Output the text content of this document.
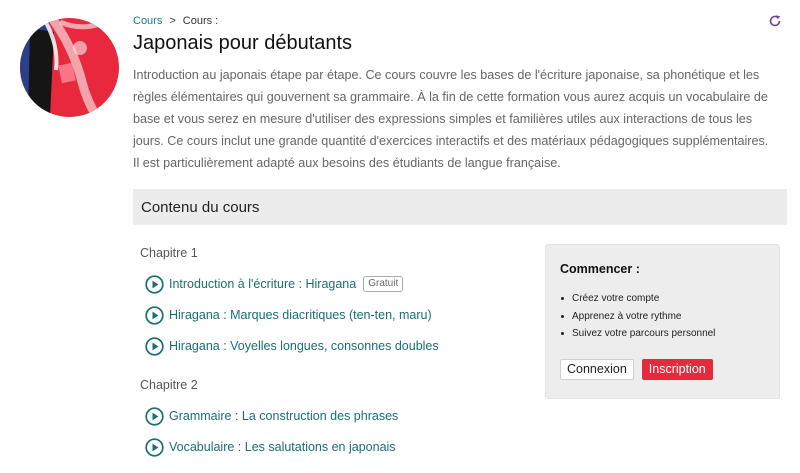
Cours > Cours :
Japonais pour débutants

Introduction au japonais étape par étape. Ce cours couvre les bases de l'écriture japonaise, sa phonétique et les règles élémentaires qui gouvernent sa grammaire. À la fin de cette formation vous aurez acquis un vocabulaire de base et vous serez en mesure d'utiliser des expressions simples et familières utiles aux interactions de tous les jours. Ce cours inclut une grande quantité d'exercices interactifs et des matériaux pédagogiques supplémentaires. Il est particulièrement adapté aux besoins des étudiants de langue française.

Contenu du cours
Chapitre 1
Introduction à l'écriture : Hiragana	Gratuit
Hiragana : Marques diacritiques (ten-ten, maru)
Hiragana : Voyelles longues, consonnes doubles
Chapitre 2
Grammaire : La construction des phrases
Vocabulaire : Les salutations en japonais
Commencer :
Créez votre compte
Apprenez à votre rythme
Suivez votre parcours personnel
Connexion	Inscription
